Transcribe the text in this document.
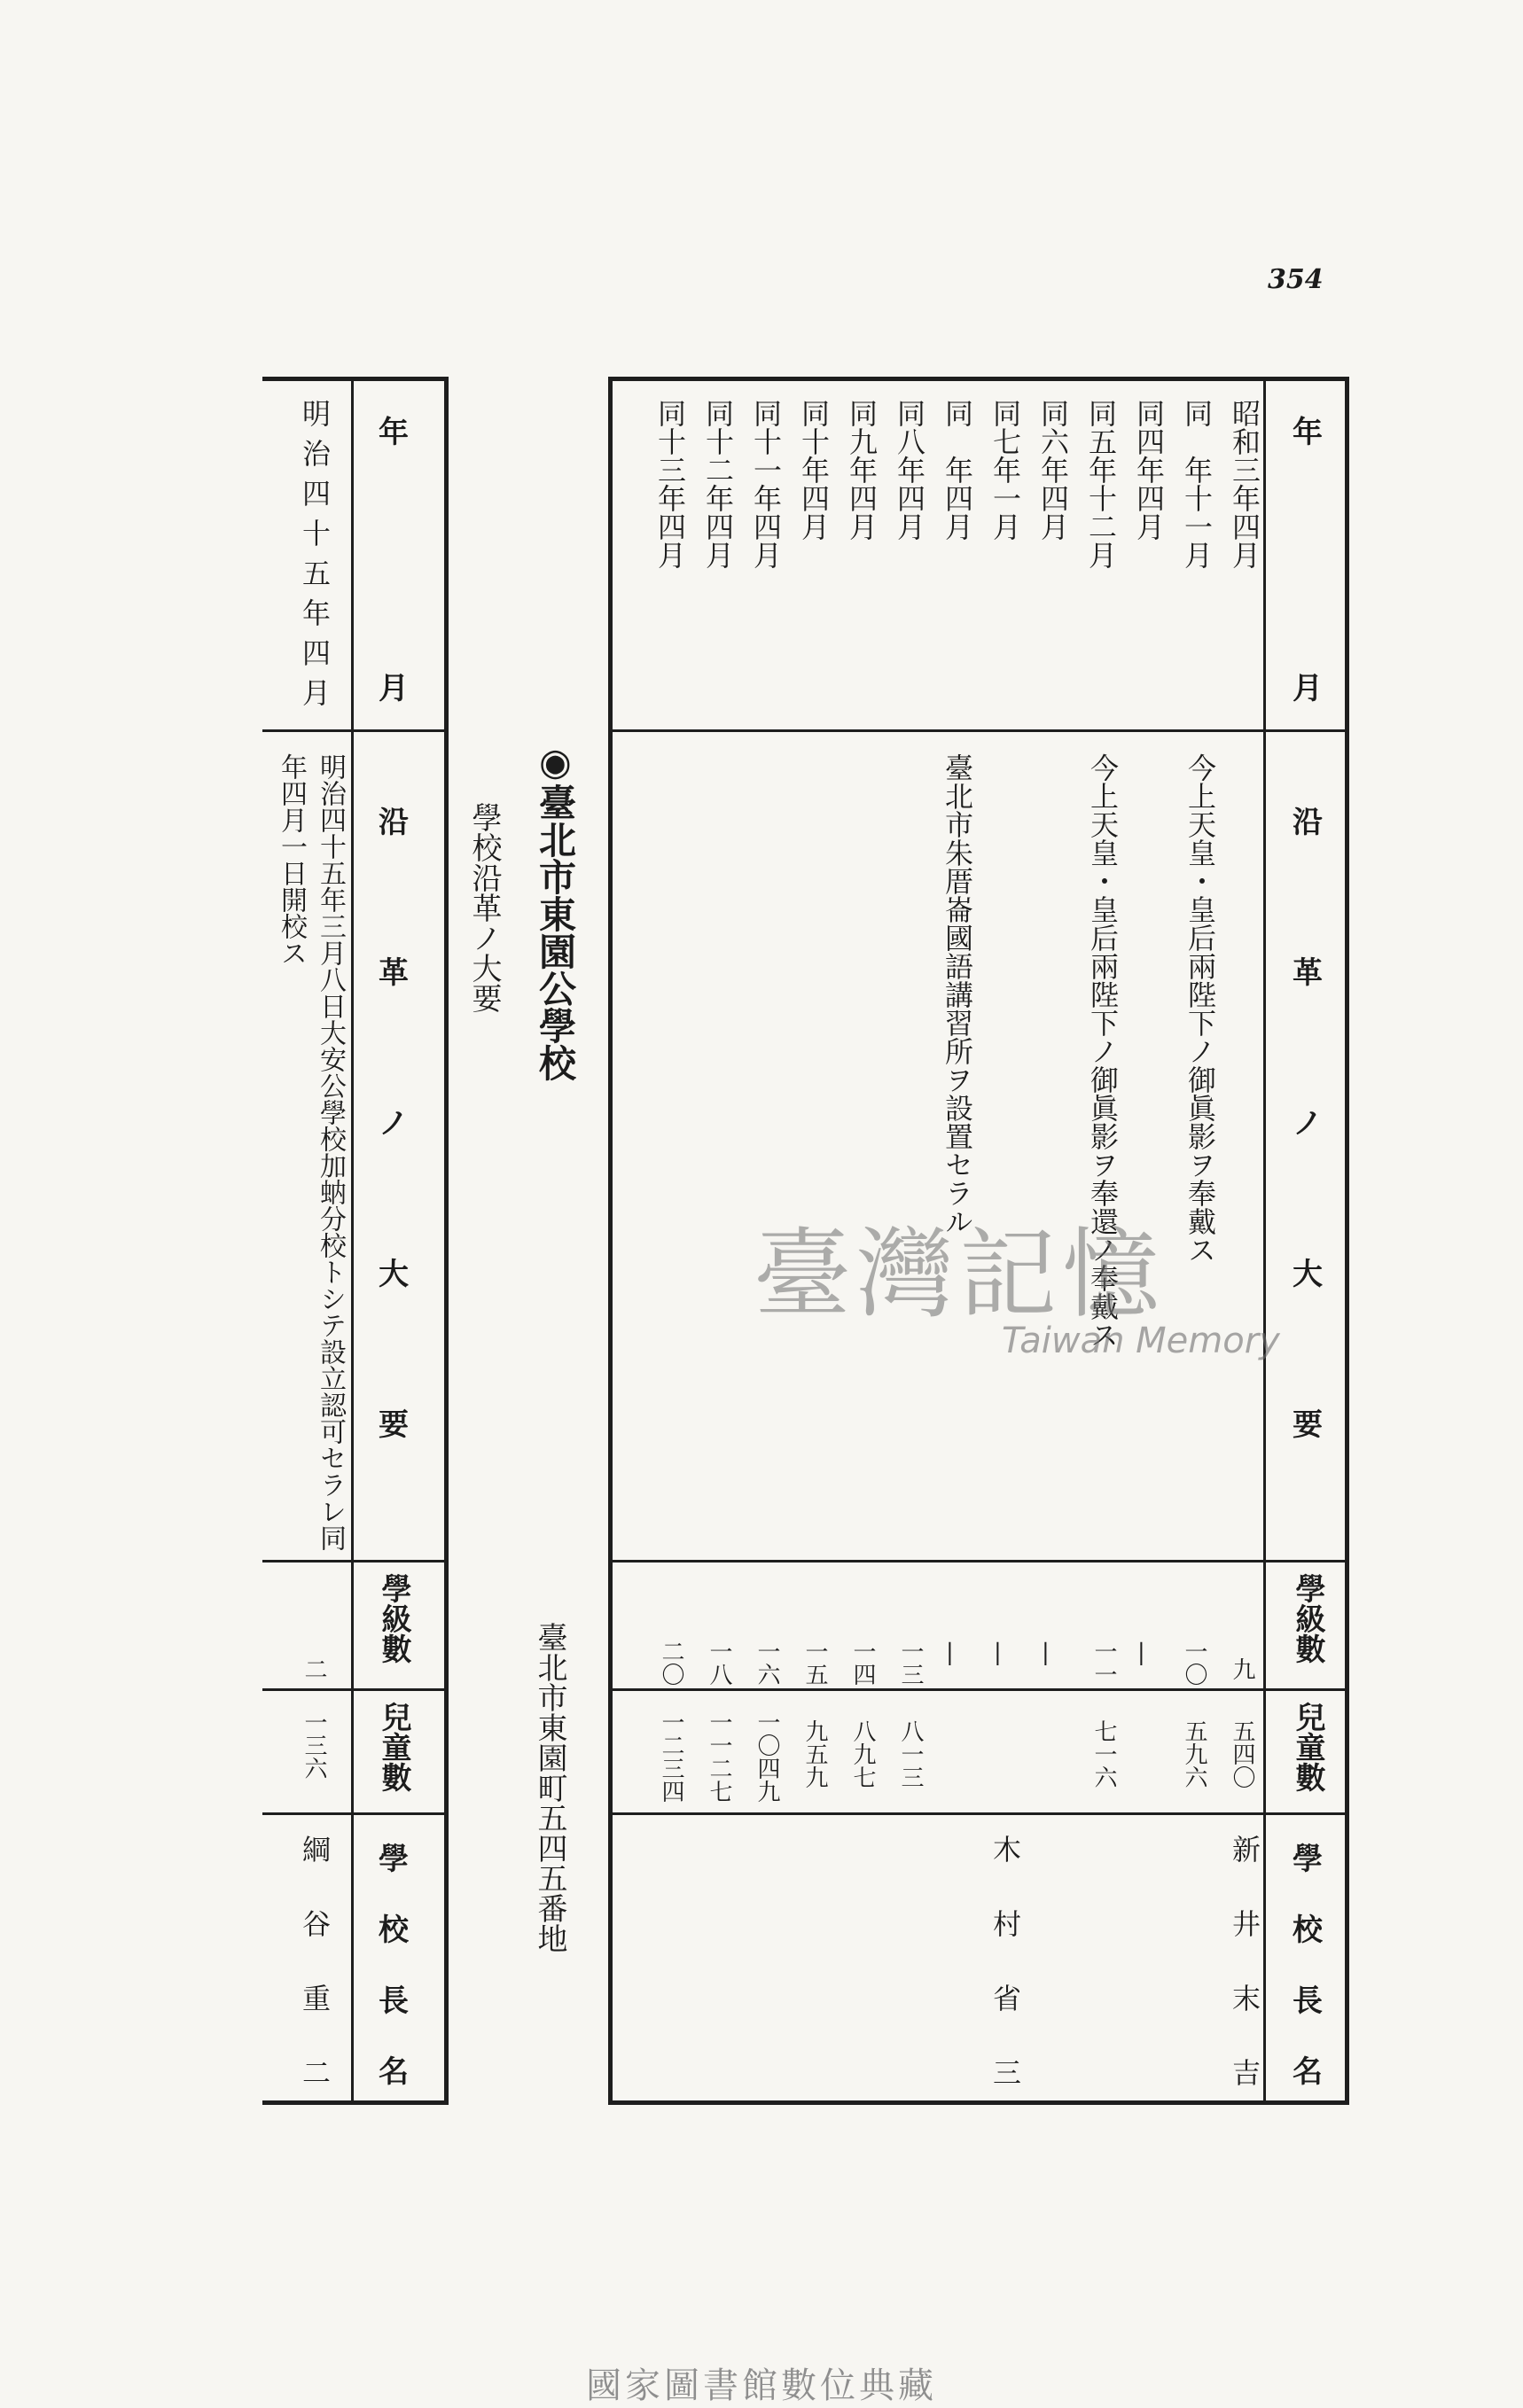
354
年
月
沿
革
ノ
大
要
學級數
兒童數
學
校
長
名
昭和三年四月
同　年十一月
同四年四月
同五年十二月
同六年四月
同七年一月
同　年四月
同八年四月
同九年四月
同十年四月
同十一年四月
同十二年四月
同十三年四月
今上天皇・皇后兩陛下ノ御眞影ヲ奉戴ス
今上天皇・皇后兩陛下ノ御眞影ヲ奉還ノ奉戴ス
臺北市朱厝崙國語講習所ヲ設置セラル
九
一〇
一一
一三
一四
一五
一六
一八
二〇	|
|
|
|
五四〇
五九六
七一六
八一三
八九七
九五九
一〇四九
一一二七
一二三四
新井末吉
木村省三
◉臺北市東園公學校
學校沿革ノ大要
臺北市東園町五四五番地
年
月
沿
革
ノ
大
要
學級數
兒童數
學
校
長
名
明治四十五年四月
明治四十五年三月八日大安公學校加蚋分校トシテ設立認可セラレ同年四月一日開校ス
二
一三六
綱谷重二
臺灣記憶
Taiwan Memory
國家圖書館數位典藏
